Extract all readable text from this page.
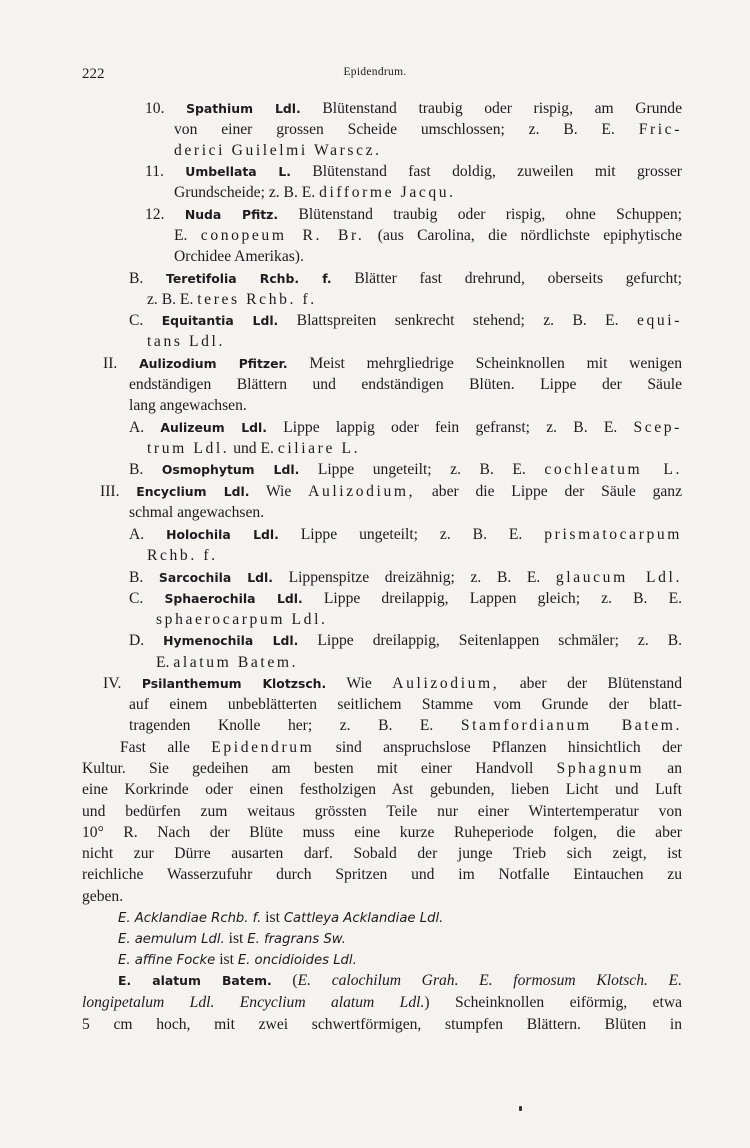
222	Epidendrum.
10. Spathium Ldl. Blütenstand traubig oder rispig, am Grunde
von einer grossen Scheide umschlossen; z. B. E. Fric-
derici Guilelmi Warscz.
11. Umbellata L. Blütenstand fast doldig, zuweilen mit grosser
Grundscheide; z. B. E. difforme Jacqu.
12. Nuda Pfitz. Blütenstand traubig oder rispig, ohne Schuppen;
E. conopeum R. Br. (aus Carolina, die nördlichste epiphytische
Orchidee Amerikas).
B. Teretifolia Rchb. f. Blätter fast drehrund, oberseits gefurcht;
z. B. E. teres Rchb. f.
C. Equitantia Ldl. Blattspreiten senkrecht stehend; z. B. E. equi-
tans Ldl.
II. Aulizodium Pfitzer. Meist mehrgliedrige Scheinknollen mit wenigen
endständigen Blättern und endständigen Blüten. Lippe der Säule
lang angewachsen.
A. Aulizeum Ldl. Lippe lappig oder fein gefranst; z. B. E. Scep-
trum Ldl. und E. ciliare L.
B. Osmophytum Ldl. Lippe ungeteilt; z. B. E. cochleatum L.
III. Encyclium Ldl. Wie Aulizodium, aber die Lippe der Säule ganz
schmal angewachsen.
A. Holochila Ldl. Lippe ungeteilt; z. B. E. prismatocarpum
Rchb. f.
B. Sarcochila Ldl. Lippenspitze dreizähnig; z. B. E. glaucum Ldl.
C. Sphaerochila Ldl. Lippe dreilappig, Lappen gleich; z. B. E.
sphaerocarpum Ldl.
D. Hymenochila Ldl. Lippe dreilappig, Seitenlappen schmäler; z. B.
E. alatum Batem.
IV. Psilanthemum Klotzsch. Wie Aulizodium, aber der Blütenstand
auf einem unbeblätterten seitlichem Stamme vom Grunde der blatt-
tragenden Knolle her; z. B. E. Stamfordianum Batem.
Fast alle Epidendrum sind anspruchslose Pflanzen hinsichtlich der
Kultur. Sie gedeihen am besten mit einer Handvoll Sphagnum an
eine Korkrinde oder einen festholzigen Ast gebunden, lieben Licht und Luft
und bedürfen zum weitaus grössten Teile nur einer Wintertemperatur von
10° R. Nach der Blüte muss eine kurze Ruheperiode folgen, die aber
nicht zur Dürre ausarten darf. Sobald der junge Trieb sich zeigt, ist
reichliche Wasserzufuhr durch Spritzen und im Notfalle Eintauchen zu
geben.
E. Acklandiae Rchb. f. ist Cattleya Acklandiae Ldl.
E. aemulum Ldl. ist E. fragrans Sw.
E. affine Focke ist E. oncidioides Ldl.
E. alatum Batem. (E. calochilum Grah. E. formosum Klotsch. E.
longipetalum Ldl. Encyclium alatum Ldl.) Scheinknollen eiförmig, etwa
5 cm hoch, mit zwei schwertförmigen, stumpfen Blättern. Blüten in
